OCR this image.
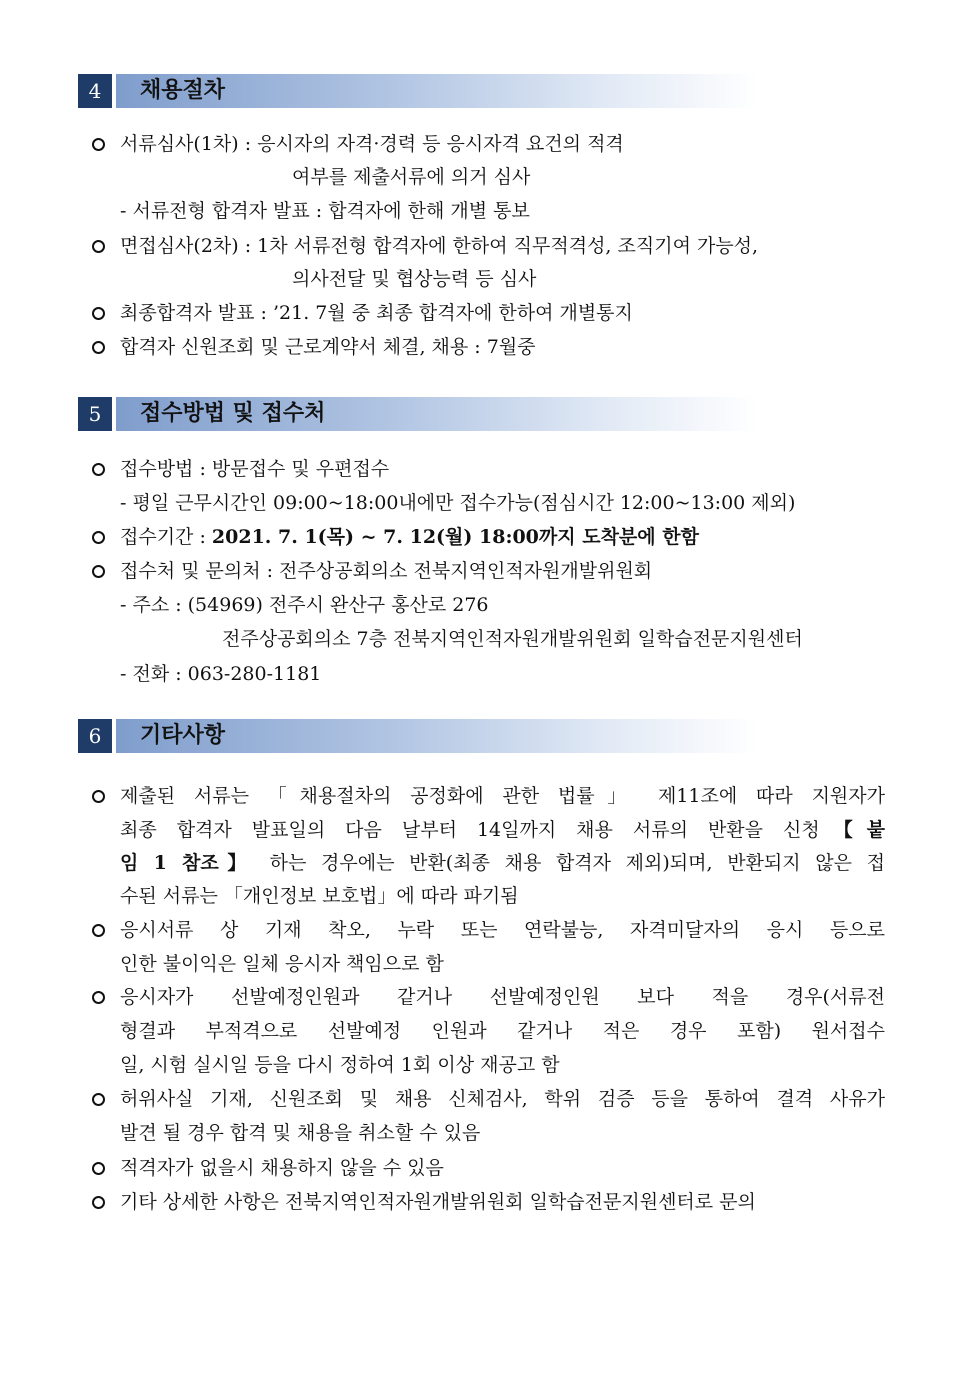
4	채용절차
서류심사(1차) : 응시자의 자격·경력 등 응시자격 요건의 적격
여부를 제출서류에 의거 심사
- 서류전형 합격자 발표 : 합격자에 한해 개별 통보
면접심사(2차) : 1차 서류전형 합격자에 한하여 직무적격성, 조직기여 가능성,
의사전달 및 협상능력 등 심사
최종합격자 발표 : ’21. 7월 중 최종 합격자에 한하여 개별통지
합격자 신원조회 및 근로계약서 체결, 채용 : 7월중
5	접수방법 및 접수처
접수방법 : 방문접수 및 우편접수
- 평일 근무시간인 09:00~18:00내에만 접수가능(점심시간 12:00~13:00 제외)
접수기간 : 2021. 7. 1(목) ~ 7. 12(월) 18:00까지 도착분에 한함
접수처 및 문의처 : 전주상공회의소 전북지역인적자원개발위원회
- 주소 : (54969) 전주시 완산구 홍산로 276
전주상공회의소 7층 전북지역인적자원개발위원회 일학습전문지원센터
- 전화 : 063-280-1181
6	기타사항
제출된 서류는 「채용절차의 공정화에 관한 법률」 제11조에 따라 지원자가
최종 합격자 발표일의 다음 날부터 14일까지 채용 서류의 반환을 신청【붙
임 1 참조】 하는 경우에는 반환(최종 채용 합격자 제외)되며, 반환되지 않은 접
수된 서류는 「개인정보 보호법」에 따라 파기됨
응시서류 상 기재 착오, 누락 또는 연락불능, 자격미달자의 응시 등으로
인한 불이익은 일체 응시자 책임으로 함
응시자가 선발예정인원과 같거나 선발예정인원 보다 적을 경우(서류전
형결과 부적격으로 선발예정 인원과 같거나 적은 경우 포함) 원서접수
일, 시험 실시일 등을 다시 정하여 1회 이상 재공고 함
허위사실 기재, 신원조회 및 채용 신체검사, 학위 검증 등을 통하여 결격 사유가
발견 될 경우 합격 및 채용을 취소할 수 있음
적격자가 없을시 채용하지 않을 수 있음
기타 상세한 사항은 전북지역인적자원개발위원회 일학습전문지원센터로 문의
